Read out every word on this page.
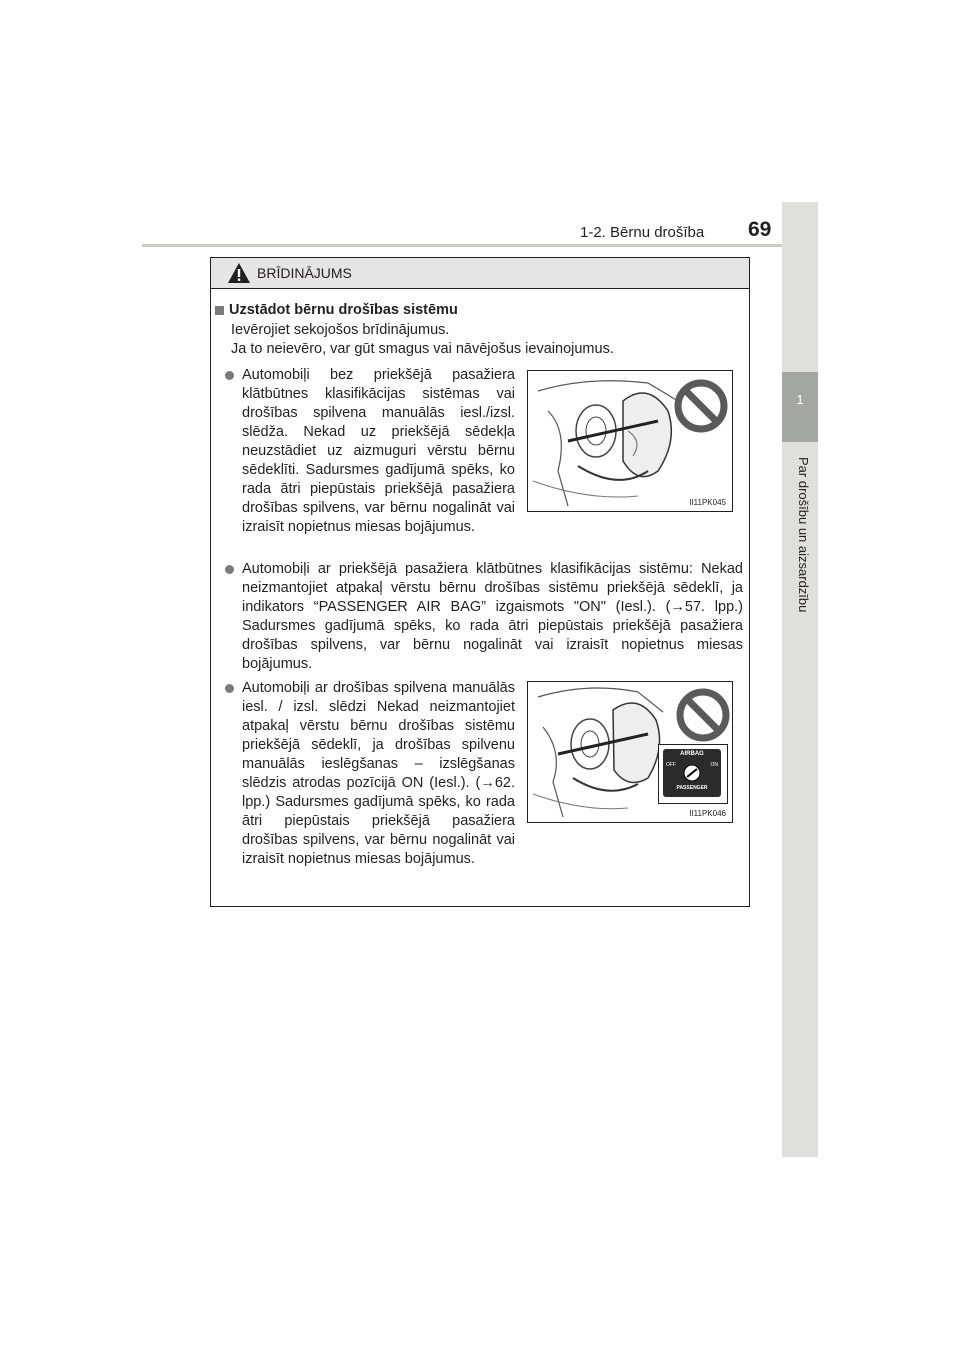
1-2. Bērnu drošība 69
1
Par drošību un aizsardzību
BRĪDINĀJUMS
Uzstādot bērnu drošības sistēmu
Ievērojiet sekojošos brīdinājumus.
Ja to neievēro, var gūt smagus vai nāvējošus ievainojumus.
Automobiļi bez priekšējā pasažiera klātbūtnes klasifikācijas sistēmas vai drošības spilvena manuālās iesl./izsl. slēdža. Nekad uz priekšējā sēdekļa neuzstādiet uz aizmuguri vērstu bērnu sēdeklīti. Sadursmes gadījumā spēks, ko rada ātri piepūstais priekšējā pasažiera drošības spilvens, var bērnu nogalināt vai izraisīt nopietnus miesas bojājumus.
II11PK045
Automobiļi ar priekšējā pasažiera klātbūtnes klasifikācijas sistēmu: Nekad neizmantojiet atpakaļ vērstu bērnu drošības sistēmu priekšējā sēdeklī, ja indikators “PASSENGER AIR BAG” izgaismots "ON" (Iesl.). (→57. lpp.) Sadursmes gadījumā spēks, ko rada ātri piepūstais priekšējā pasažiera drošības spilvens, var bērnu nogalināt vai izraisīt nopietnus miesas bojājumus.
Automobiļi ar drošības spilvena manuālās iesl. / izsl. slēdzi Nekad neizmantojiet atpakaļ vērstu bērnu drošības sistēmu priekšējā sēdeklī, ja drošības spilvenu manuālās ieslēgšanas – izslēgšanas slēdzis atrodas pozīcijā ON (Iesl.). (→62. lpp.) Sadursmes gadījumā spēks, ko rada ātri piepūstais priekšējā pasažiera drošības spilvens, var bērnu nogalināt vai izraisīt nopietnus miesas bojājumus.
AIRBAG
OFF	ON
PASSENGER
II11PK046
